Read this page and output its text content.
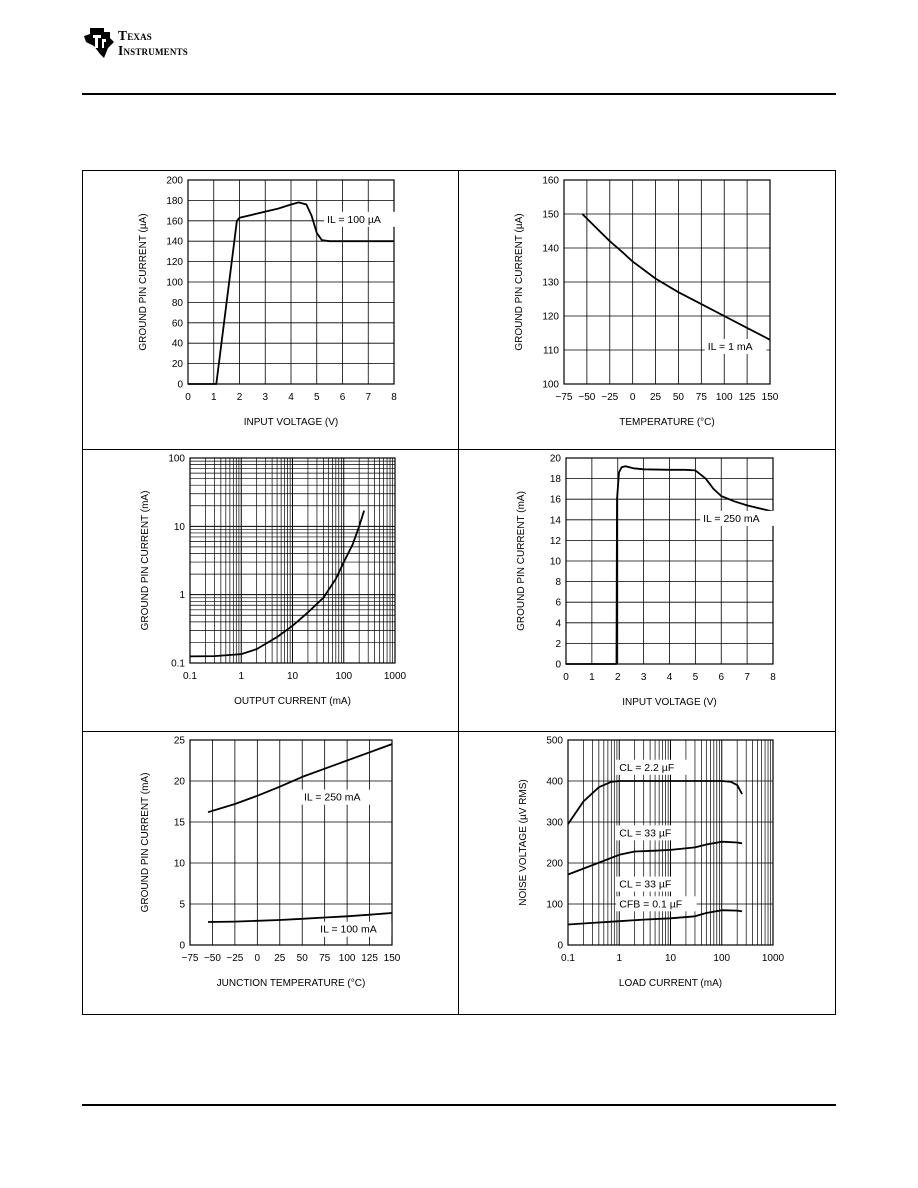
Texas
Instruments
0 1 2 3 4 5 6 7 8
0
20
40
60
80
100
120
140
160
180
200
INPUT VOLTAGE (V)
GROUND PIN CURRENT (µA)	IL = 100 µA
−75 −50 −25 0 25 50 75 100 125 150
100
110
120
130
140
150
160
TEMPERATURE (°C)
GROUND PIN CURRENT (µA)	IL = 1 mA
0.1	1	10	100	1000
0.1
1
10
100
OUTPUT CURRENT (mA)
GROUND PIN CURRENT (mA)
0 1 2 3 4 5 6 7 8
0
2
4
6
8
10
12
14
16
18
20
INPUT VOLTAGE (V)
GROUND PIN CURRENT (mA)	IL = 250 mA
−75 −50 −25 0 25 50 75 100 125 150
0
5
10
15
20
25
JUNCTION TEMPERATURE (°C)
GROUND PIN CURRENT (mA)	IL = 250 mA
IL = 100 mA
0.1	1	10	100	1000
0
100
200
300
400
500
LOAD CURRENT (mA)
NOISE VOLTAGE (µV RMS)
CL = 2.2 µF
CL = 33 µF
CL = 33 µF
CFB = 0.1 µF
